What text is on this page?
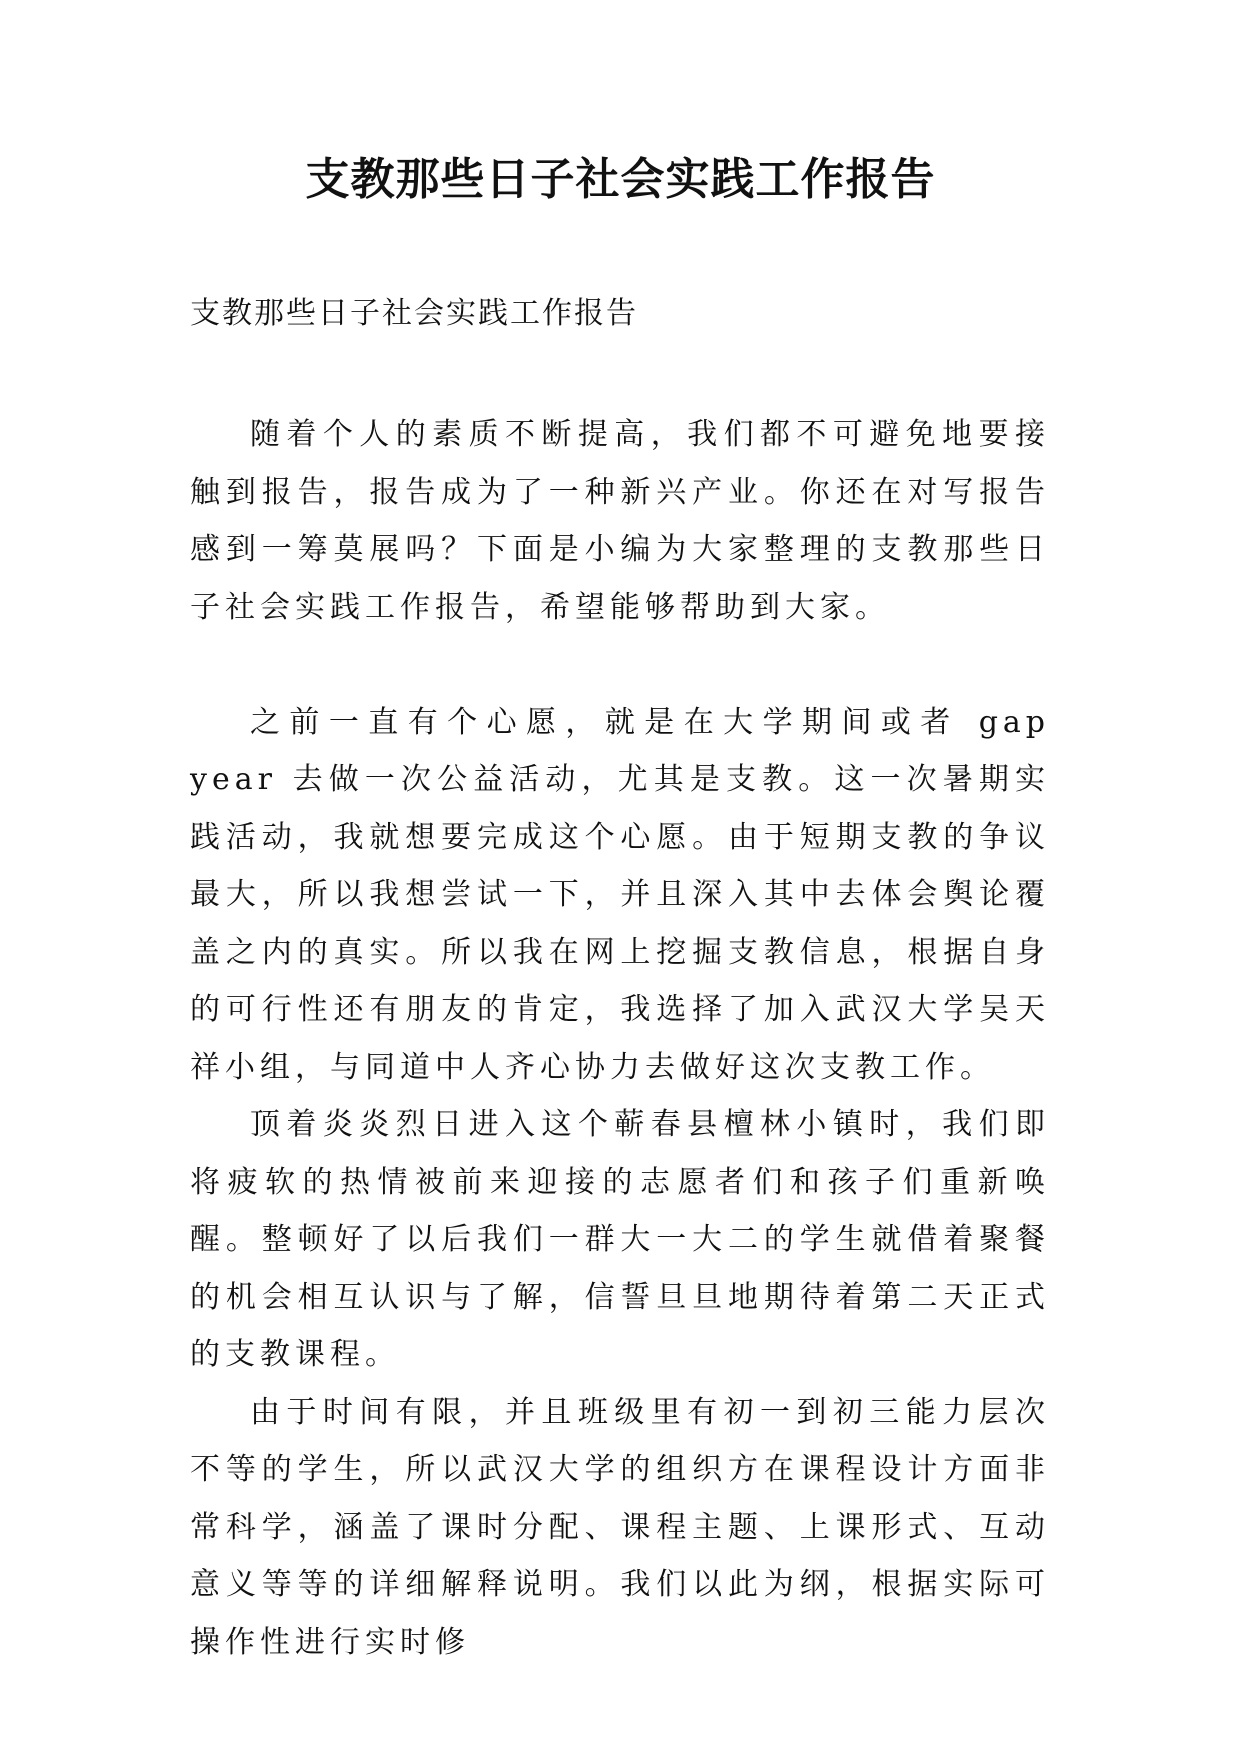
支教那些日子社会实践工作报告
支教那些日子社会实践工作报告

随着个人的素质不断提高，我们都不可避免地要接触到报告，报告成为了一种新兴产业。你还在对写报告感到一筹莫展吗？下面是小编为大家整理的支教那些日子社会实践工作报告，希望能够帮助到大家。

之前一直有个心愿，就是在大学期间或者 gap year 去做一次公益活动，尤其是支教。这一次暑期实践活动，我就想要完成这个心愿。由于短期支教的争议最大，所以我想尝试一下，并且深入其中去体会舆论覆盖之内的真实。所以我在网上挖掘支教信息，根据自身的可行性还有朋友的肯定，我选择了加入武汉大学吴天祥小组，与同道中人齐心协力去做好这次支教工作。

顶着炎炎烈日进入这个蕲春县檀林小镇时，我们即将疲软的热情被前来迎接的志愿者们和孩子们重新唤醒。整顿好了以后我们一群大一大二的学生就借着聚餐的机会相互认识与了解，信誓旦旦地期待着第二天正式的支教课程。

由于时间有限，并且班级里有初一到初三能力层次不等的学生，所以武汉大学的组织方在课程设计方面非常科学，涵盖了课时分配、课程主题、上课形式、互动意义等等的详细解释说明。我们以此为纲，根据实际可操作性进行实时修
